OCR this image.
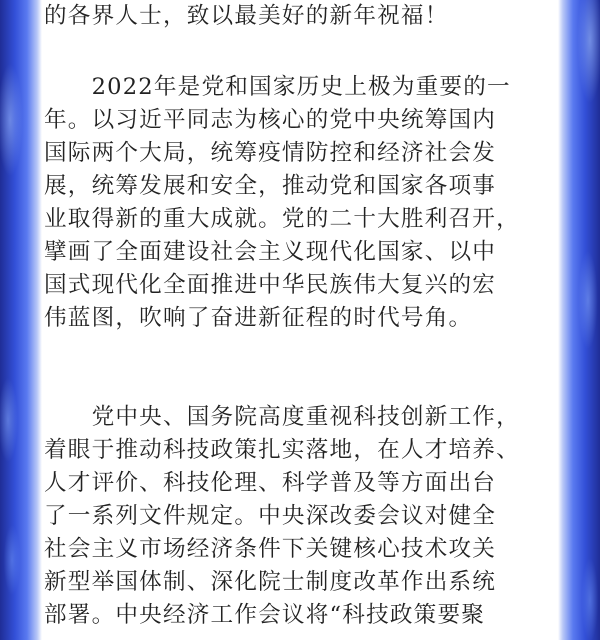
的各界人士，致以最美好的新年祝福！

　　2022年是党和国家历史上极为重要的一
年。以习近平同志为核心的党中央统筹国内
国际两个大局，统筹疫情防控和经济社会发
展，统筹发展和安全，推动党和国家各项事
业取得新的重大成就。党的二十大胜利召开，
擘画了全面建设社会主义现代化国家、以中
国式现代化全面推进中华民族伟大复兴的宏
伟蓝图，吹响了奋进新征程的时代号角。

　　党中央、国务院高度重视科技创新工作，
着眼于推动科技政策扎实落地，在人才培养、
人才评价、科技伦理、科学普及等方面出台
了一系列文件规定。中央深改委会议对健全
社会主义市场经济条件下关键核心技术攻关
新型举国体制、深化院士制度改革作出系统
部署。中央经济工作会议将“科技政策要聚
